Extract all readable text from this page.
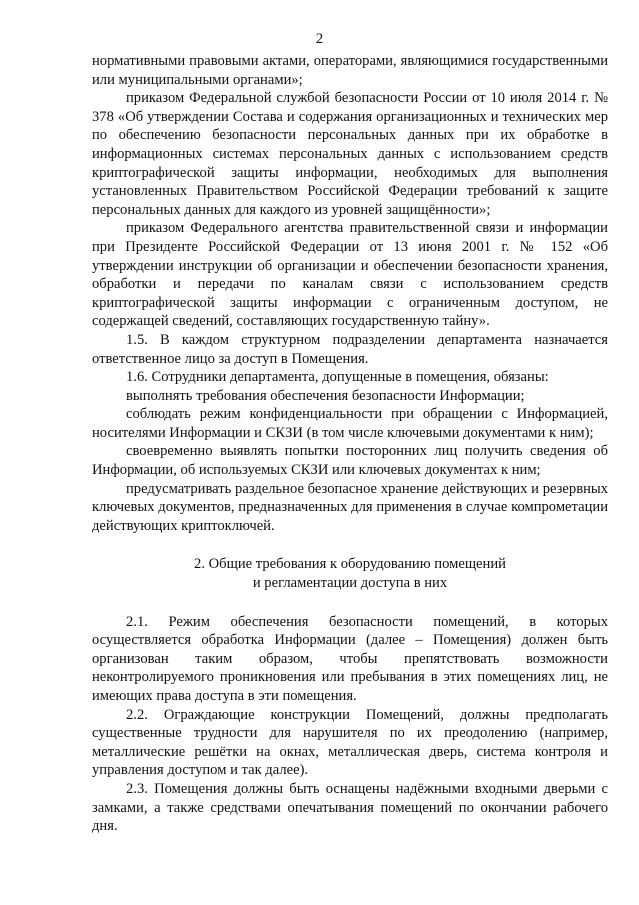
2

нормативными правовыми актами, операторами, являющимися государственными или муниципальными органами»;

приказом Федеральной службой безопасности России от 10 июля 2014 г. № 378 «Об утверждении Состава и содержания организационных и технических мер по обеспечению безопасности персональных данных при их обработке в информационных системах персональных данных с использованием средств криптографической защиты информации, необходимых для выполнения установленных Правительством Российской Федерации требований к защите персональных данных для каждого из уровней защищённости»;

приказом Федерального агентства правительственной связи и информации при Президенте Российской Федерации от 13 июня 2001 г. № 152 «Об утверждении инструкции об организации и обеспечении безопасности хранения, обработки и передачи по каналам связи с использованием средств криптографической защиты информации с ограниченным доступом, не содержащей сведений, составляющих государственную тайну».

1.5. В каждом структурном подразделении департамента назначается ответственное лицо за доступ в Помещения.

1.6. Сотрудники департамента, допущенные в помещения, обязаны:

выполнять требования обеспечения безопасности Информации;

соблюдать режим конфиденциальности при обращении с Информацией, носителями Информации и СКЗИ (в том числе ключевыми документами к ним);

своевременно выявлять попытки посторонних лиц получить сведения об Информации, об используемых СКЗИ или ключевых документах к ним;

предусматривать раздельное безопасное хранение действующих и резервных ключевых документов, предназначенных для применения в случае компрометации действующих криптоключей.

2. Общие требования к оборудованию помещений
и регламентации доступа в них

2.1. Режим обеспечения безопасности помещений, в которых осуществляется обработка Информации (далее – Помещения) должен быть организован таким образом, чтобы препятствовать возможности неконтролируемого проникновения или пребывания в этих помещениях лиц, не имеющих права доступа в эти помещения.

2.2. Ограждающие конструкции Помещений, должны предполагать существенные трудности для нарушителя по их преодолению (например, металлические решётки на окнах, металлическая дверь, система контроля и управления доступом и так далее).

2.3. Помещения должны быть оснащены надёжными входными дверьми с замками, а также средствами опечатывания помещений по окончании рабочего дня.
